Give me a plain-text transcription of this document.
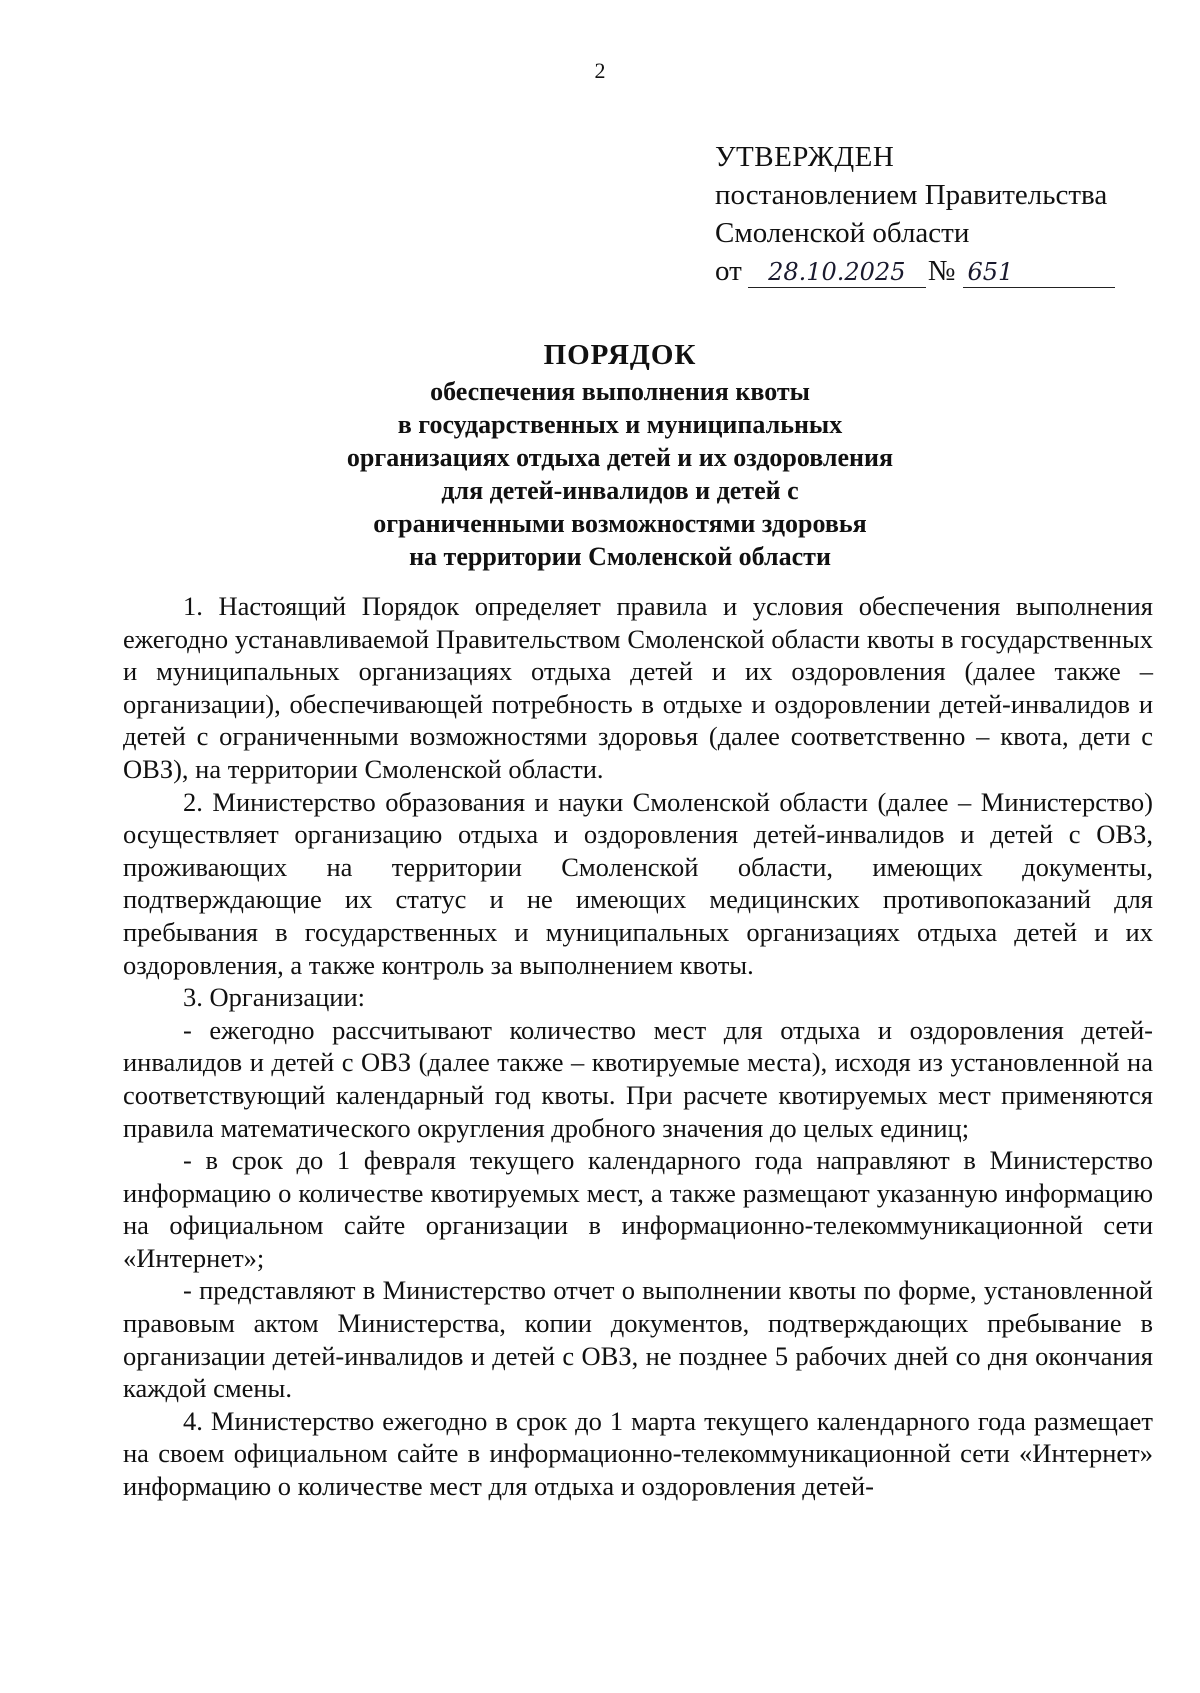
2
УТВЕРЖДЕН
постановлением Правительства
Смоленской области
от 28.10.2025 № 651
ПОРЯДОК
обеспечения выполнения квоты
в государственных и муниципальных
организациях отдыха детей и их оздоровления
для детей-инвалидов и детей с
ограниченными возможностями здоровья
на территории Смоленской области

1. Настоящий Порядок определяет правила и условия обеспечения выполнения ежегодно устанавливаемой Правительством Смоленской области квоты в государственных и муниципальных организациях отдыха детей и их оздоровления (далее также – организации), обеспечивающей потребность в отдыхе и оздоровлении детей-инвалидов и детей с ограниченными возможностями здоровья (далее соответственно – квота, дети с ОВЗ), на территории Смоленской области.

2. Министерство образования и науки Смоленской области (далее – Министерство) осуществляет организацию отдыха и оздоровления детей-инвалидов и детей с ОВЗ, проживающих на территории Смоленской области, имеющих документы, подтверждающие их статус и не имеющих медицинских противопоказаний для пребывания в государственных и муниципальных организациях отдыха детей и их оздоровления, а также контроль за выполнением квоты.

3. Организации:

- ежегодно рассчитывают количество мест для отдыха и оздоровления детей-инвалидов и детей с ОВЗ (далее также – квотируемые места), исходя из установленной на соответствующий календарный год квоты. При расчете квотируемых мест применяются правила математического округления дробного значения до целых единиц;

- в срок до 1 февраля текущего календарного года направляют в Министерство информацию о количестве квотируемых мест, а также размещают указанную информацию на официальном сайте организации в информационно-телекоммуникационной сети «Интернет»;

- представляют в Министерство отчет о выполнении квоты по форме, установленной правовым актом Министерства, копии документов, подтверждающих пребывание в организации детей-инвалидов и детей с ОВЗ, не позднее 5 рабочих дней со дня окончания каждой смены.

4. Министерство ежегодно в срок до 1 марта текущего календарного года размещает на своем официальном сайте в информационно-телекоммуникационной сети «Интернет» информацию о количестве мест для отдыха и оздоровления детей-
